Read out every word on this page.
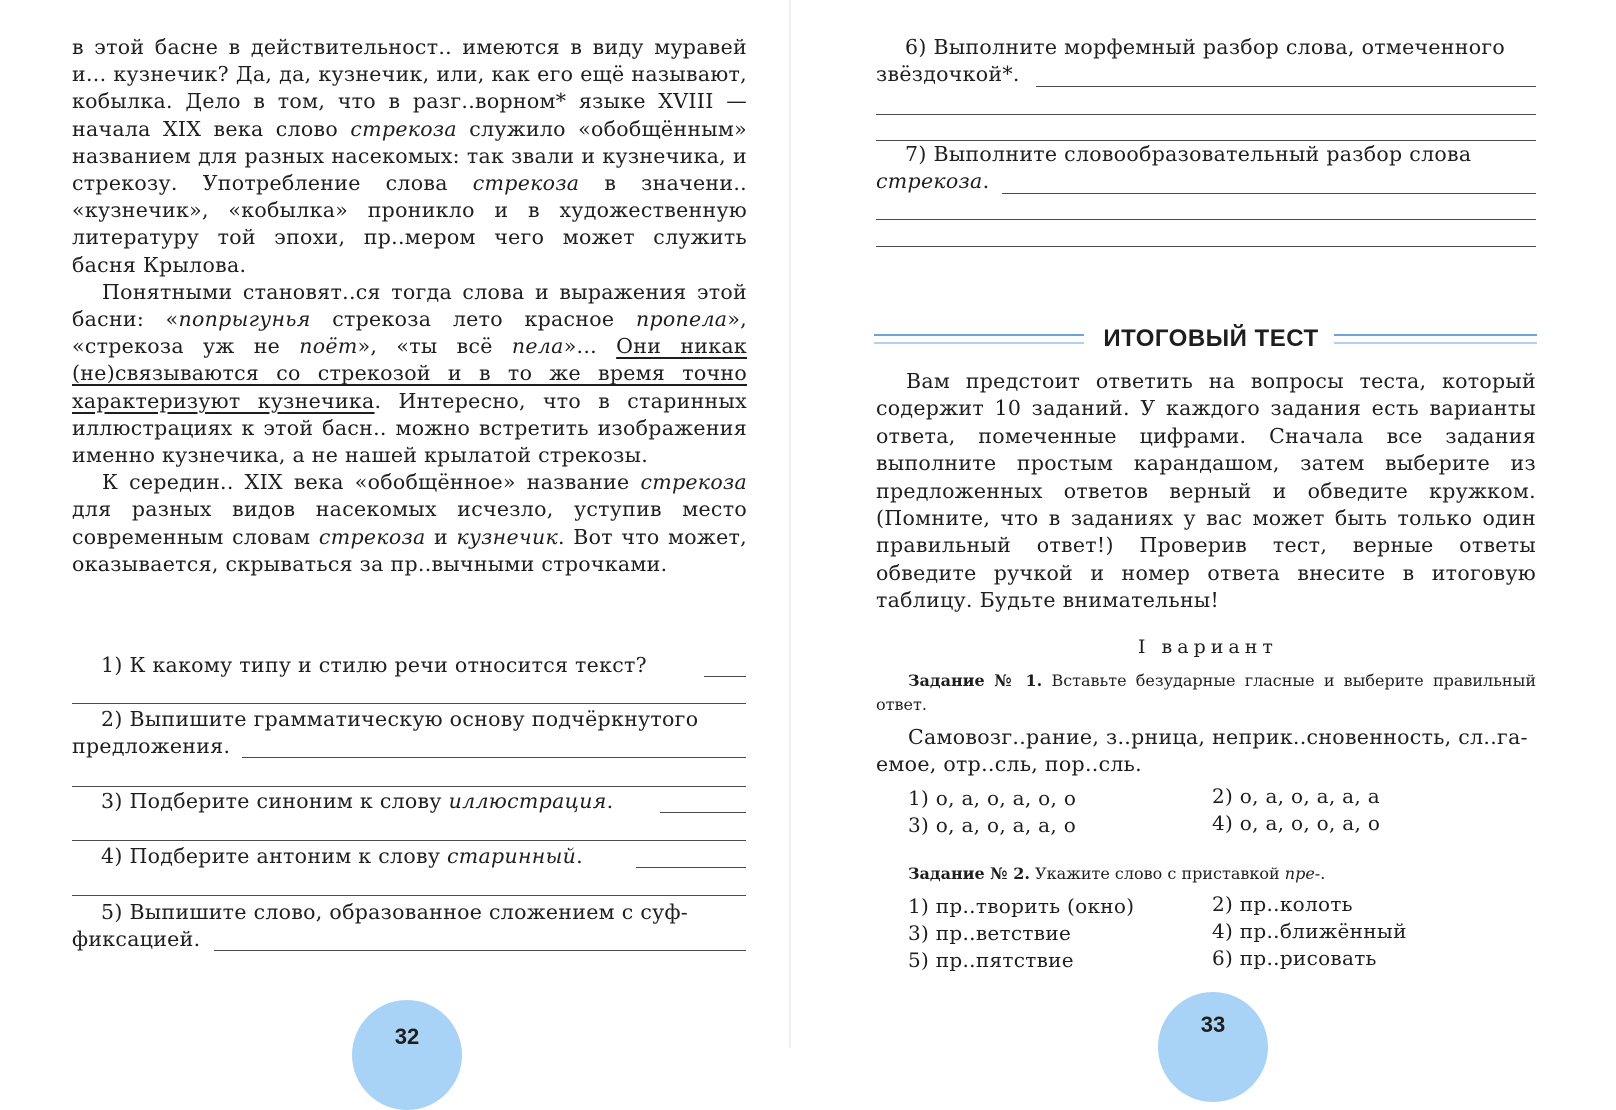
в этой басне в действительност.. имеются в виду муравей и... кузнечик? Да, да, кузнечик, или, как его ещё называют, кобылка. Дело в том, что в разг..ворном* языке XVIII — начала XIX века слово стрекоза служило «обобщённым» названием для разных насекомых: так звали и кузнечика, и стрекозу. Употребление слова стрекоза в значени.. «кузнечик», «кобылка» проникло и в художественную литературу той эпохи, пр..мером чего может служить басня Крылова.

Понятными становят..ся тогда слова и выражения этой басни: «попрыгунья стрекоза лето красное пропела», «стрекоза уж не поёт», «ты всё пела»... Они никак (не)связываются со стрекозой и в то же время точно характеризуют кузнечика. Интересно, что в старинных иллюстрациях к этой басн.. можно встретить изображения именно кузнечика, а не нашей крылатой стрекозы.

К середин.. XIX века «обобщённое» название стрекоза для разных видов насекомых исчезло, уступив место современным словам стрекоза и кузнечик. Вот что может, оказывается, скрываться за пр..вычными строчками.

1) К какому типу и стилю речи относится текст?
2) Выпишите грамматическую основу подчёркнутого
предложения.
3) Подберите синоним к слову иллюстрация.
4) Подберите антоним к слову старинный.
5) Выпишите слово, образованное сложением с суф-
фиксацией.
32
6) Выполните морфемный разбор слова, отмеченного
звёздочкой*.
7) Выполните словообразовательный разбор слова
стрекоза.
ИТОГОВЫЙ ТЕСТ
Вам предстоит ответить на вопросы теста, который содержит 10 заданий. У каждого задания есть варианты ответа, помеченные цифрами. Сначала все задания выполните простым карандашом, затем выберите из предложенных ответов верный и обведите кружком. (Помните, что в заданиях у вас может быть только один правильный ответ!) Проверив тест, верные ответы обведите ручкой и номер ответа внесите в итоговую таблицу. Будьте внимательны!
I вариант
Задание № 1. Вставьте безударные гласные и выберите правильный ответ.
Самовозг..рание, з..рница, неприк..сновенность, сл..га-
емое, отр..сль, пор..сль.
1) о, а, о, а, о, о	2) о, а, о, а, а, а
3) о, а, о, а, а, о	4) о, а, о, о, а, о
Задание № 2. Укажите слово с приставкой пре-.
1) пр..творить (окно)	2) пр..колоть
3) пр..ветствие	4) пр..ближённый
5) пр..пятствие	6) пр..рисовать
33
